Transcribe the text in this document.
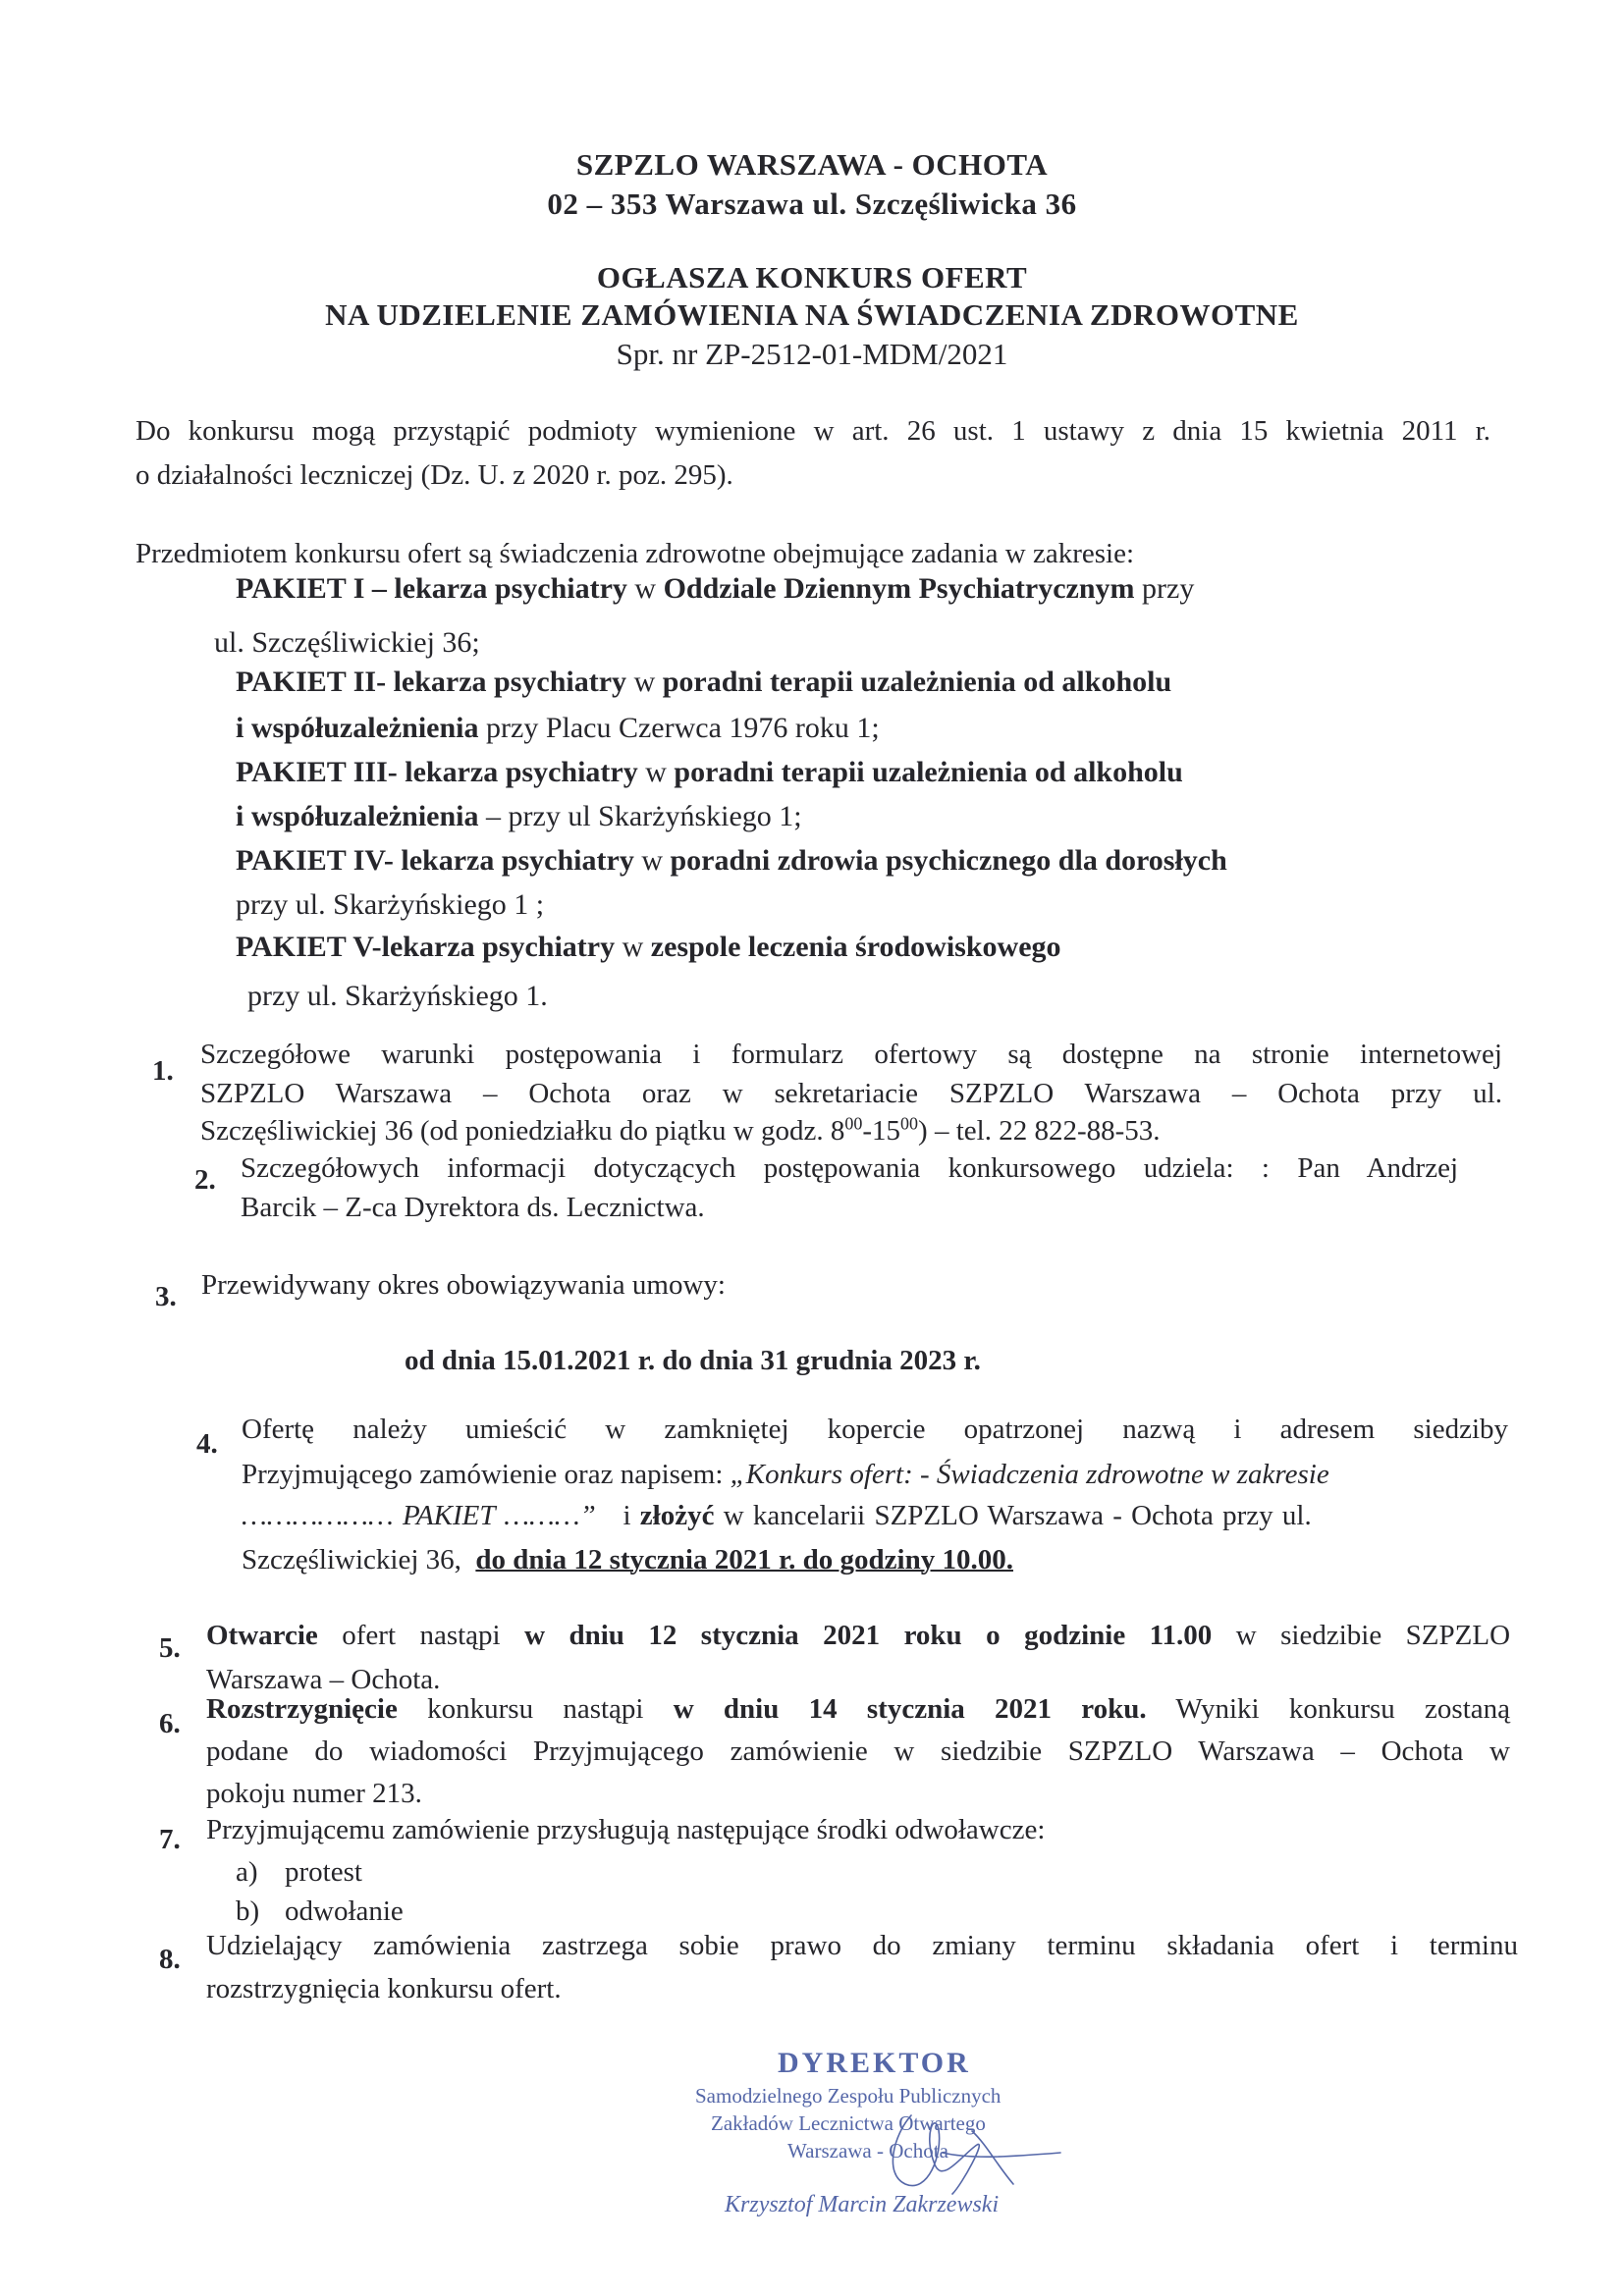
SZPZLO WARSZAWA - OCHOTA
02 – 353 Warszawa ul. Szczęśliwicka 36
OGŁASZA KONKURS OFERT
NA UDZIELENIE ZAMÓWIENIA NA ŚWIADCZENIA ZDROWOTNE
Spr. nr ZP-2512-01-MDM/2021
Do konkursu mogą przystąpić podmioty wymienione w art. 26 ust. 1 ustawy z dnia 15 kwietnia 2011 r.
o działalności leczniczej (Dz. U. z 2020 r. poz. 295).
Przedmiotem konkursu ofert są świadczenia zdrowotne obejmujące zadania w zakresie:
PAKIET I – lekarza psychiatry w Oddziale Dziennym Psychiatrycznym przy
ul. Szczęśliwickiej 36;
PAKIET II- lekarza psychiatry w poradni terapii uzależnienia od alkoholu
i współuzależnienia przy Placu Czerwca 1976 roku 1;
PAKIET III- lekarza psychiatry w poradni terapii uzależnienia od alkoholu
i współuzależnienia – przy ul Skarżyńskiego 1;
PAKIET IV- lekarza psychiatry w poradni zdrowia psychicznego dla dorosłych
przy ul. Skarżyńskiego 1 ;
PAKIET V-lekarza psychiatry w zespole leczenia środowiskowego
przy ul. Skarżyńskiego 1.
1.
Szczegółowe warunki postępowania i formularz ofertowy są dostępne na stronie internetowej
SZPZLO Warszawa – Ochota oraz w sekretariacie SZPZLO Warszawa – Ochota przy ul.
Szczęśliwickiej 36 (od poniedziałku do piątku w godz. $8^{00}-15^{00}$) – tel. 22 822-88-53.
2. Szczegółowych informacji dotyczących postępowania konkursowego udziela: : Pan Andrzej
Barcik – Z-ca Dyrektora ds. Lecznictwa.
3. Przewidywany okres obowiązywania umowy:
od dnia 15.01.2021 r. do dnia 31 grudnia 2023 r.
4. Ofertę należy umieścić w zamkniętej kopercie opatrzonej nazwą i adresem siedziby
Przyjmującego zamówienie oraz napisem: „Konkurs ofert: - Świadczenia zdrowotne w zakresie
……………… PAKIET ………” i złożyć w kancelarii SZPZLO Warszawa - Ochota przy ul.
Szczęśliwickiej 36, do dnia 12 stycznia 2021 r. do godziny 10.00.
5. Otwarcie ofert nastąpi w dniu 12 stycznia 2021 roku o godzinie 11.00 w siedzibie SZPZLO
Warszawa – Ochota.
6. Rozstrzygnięcie konkursu nastąpi w dniu 14 stycznia 2021 roku. Wyniki konkursu zostaną
podane do wiadomości Przyjmującego zamówienie w siedzibie SZPZLO Warszawa – Ochota w
pokoju numer 213.
7. Przyjmującemu zamówienie przysługują następujące środki odwoławcze:
a) protest
b) odwołanie
8. Udzielający zamówienia zastrzega sobie prawo do zmiany terminu składania ofert i terminu
rozstrzygnięcia konkursu ofert.
DYREKTOR
Samodzielnego Zespołu Publicznych
Zakładów Lecznictwa Otwartego
Warszawa - Ochota
Krzysztof Marcin Zakrzewski
